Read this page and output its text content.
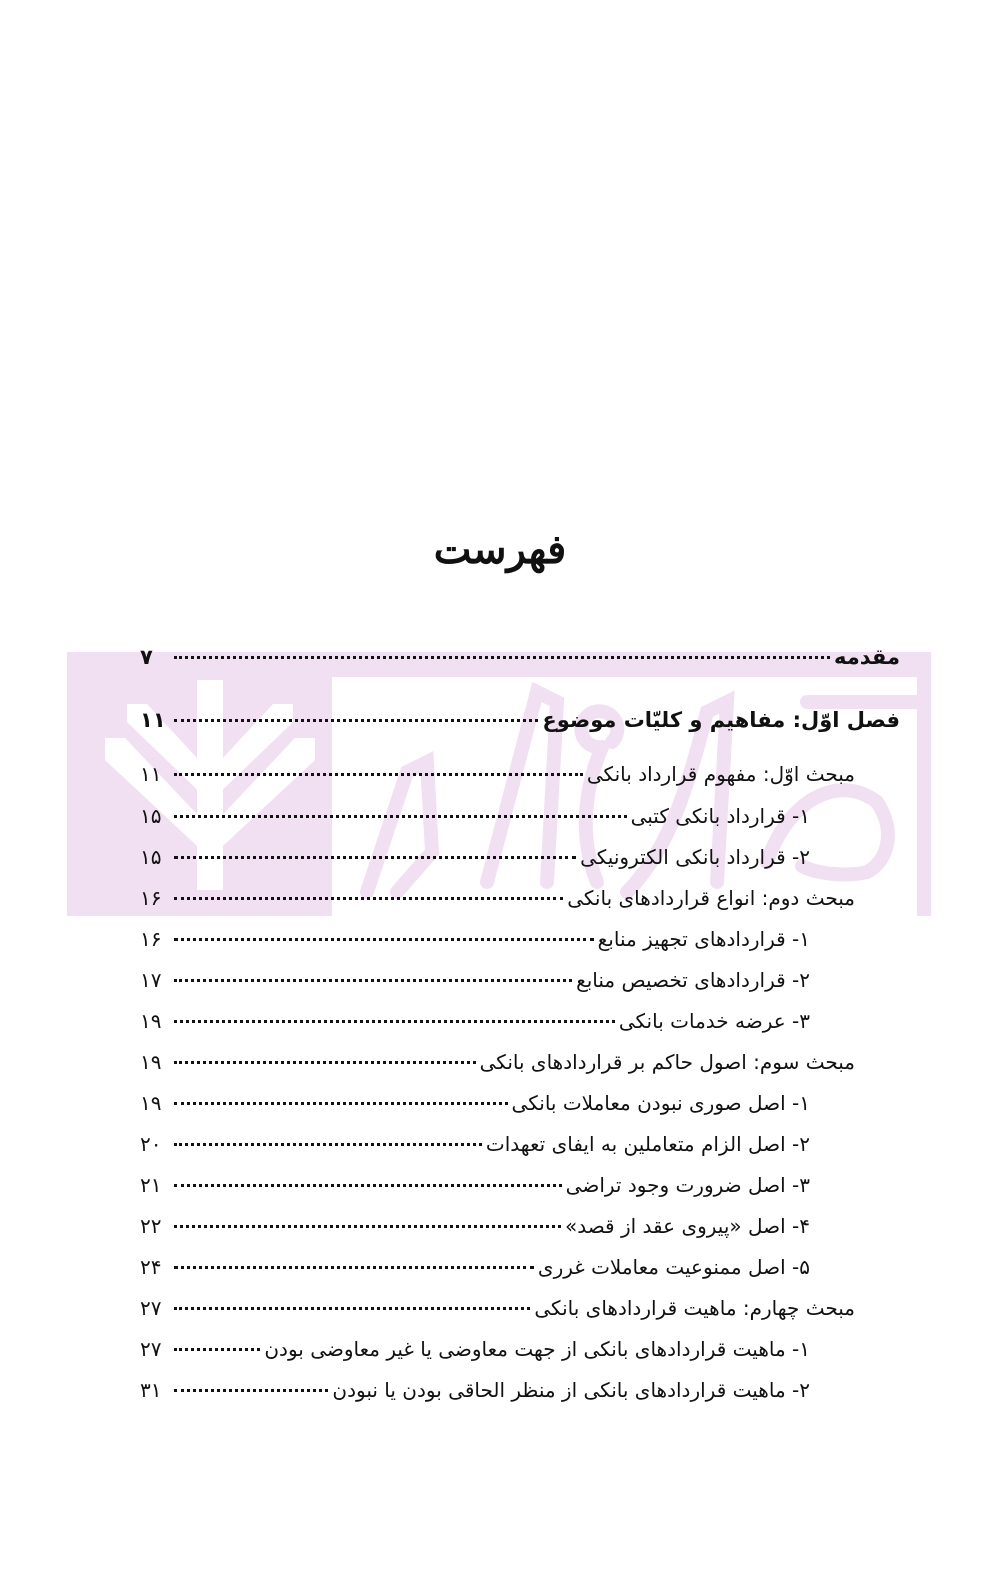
فهرست
مقدمه
۷
فصل اوّل: مفاهیم و کلیّات موضوع
۱۱
مبحث اوّل: مفهوم قرارداد بانکی
۱۱
۱- قرارداد بانکی کتبی
۱۵
۲- قرارداد بانکی الکترونیکی
۱۵
مبحث دوم: انواع قراردادهای بانکی
۱۶
۱- قراردادهای تجهیز منابع
۱۶
۲- قراردادهای تخصیص منابع
۱۷
۳- عرضه خدمات بانکی
۱۹
مبحث سوم: اصول حاکم بر قراردادهای بانکی
۱۹
۱- اصل صوری نبودن معاملات بانکی
۱۹
۲- اصل الزام متعاملین به ایفای تعهدات
۲۰
۳- اصل ضرورت وجود تراضی
۲۱
۴- اصل «پیروی عقد از قصد»
۲۲
۵- اصل ممنوعیت معاملات غرری
۲۴
مبحث چهارم: ماهیت قراردادهای بانکی
۲۷
۱- ماهیت قراردادهای بانکی از جهت معاوضی یا غیر معاوضی بودن
۲۷
۲- ماهیت قراردادهای بانکی از منظر الحاقی بودن یا نبودن
۳۱
